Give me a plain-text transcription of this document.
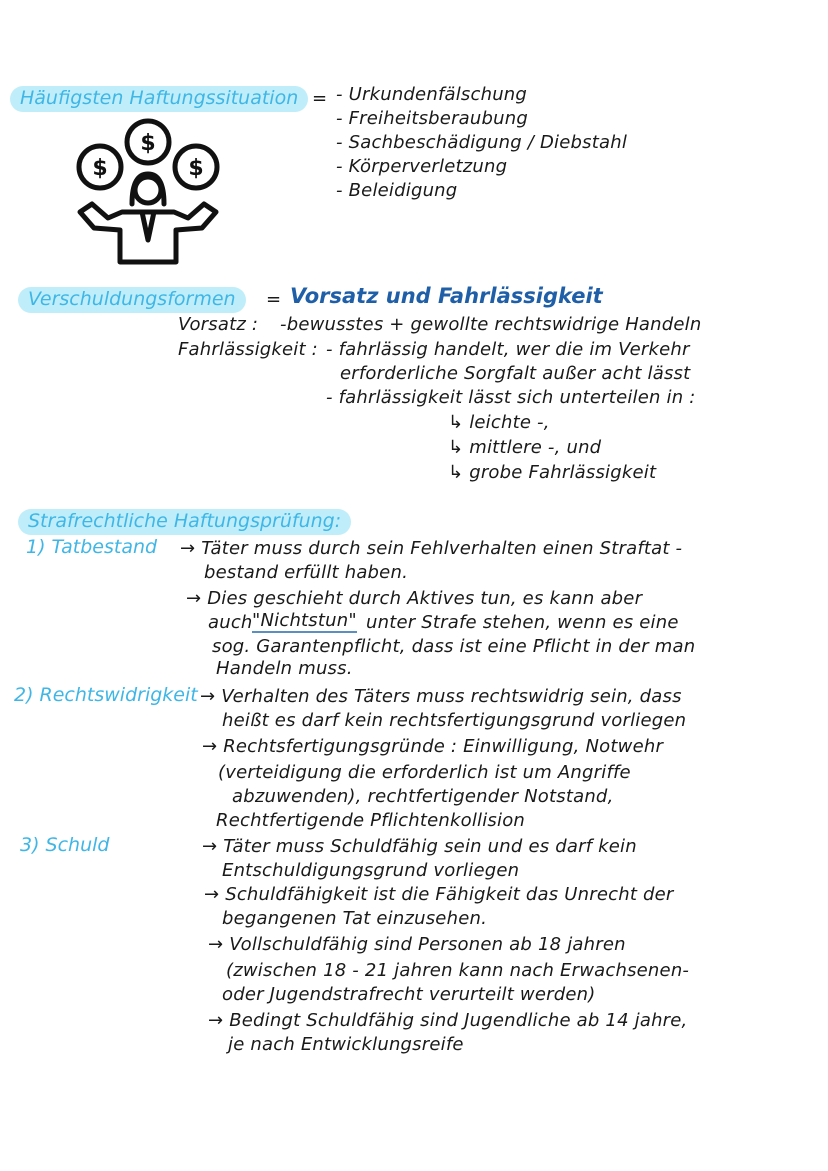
Häufigsten Haftungssituation = - Urkundenfälschung
- Freiheitsberaubung
- Sachbeschädigung / Diebstahl
- Körperverletzung
- Beleidigung
$
$	$
Verschuldungsformen	= Vorsatz und Fahrlässigkeit
Vorsatz : -bewusstes + gewollte rechtswidrige Handeln
Fahrlässigkeit : - fahrlässig handelt, wer die im Verkehr
erforderliche Sorgfalt außer acht lässt
- fahrlässigkeit lässt sich unterteilen in :
↳ leichte -,
↳ mittlere -, und
↳ grobe Fahrlässigkeit
Strafrechtliche Haftungsprüfung:
1) Tatbestand → Täter muss durch sein Fehlverhalten einen Straftat -
bestand erfüllt haben.
→ Dies geschieht durch Aktives tun, es kann aber
auch "Nichtstun" unter Strafe stehen, wenn es eine
sog. Garantenpflicht, dass ist eine Pflicht in der man
Handeln muss.
2) Rechtswidrigkeit → Verhalten des Täters muss rechtswidrig sein, dass
heißt es darf kein rechtsfertigungsgrund vorliegen
→ Rechtsfertigungsgründe : Einwilligung, Notwehr
(verteidigung die erforderlich ist um Angriffe
abzuwenden), rechtfertigender Notstand,
Rechtfertigende Pflichtenkollision
3) Schuld	→ Täter muss Schuldfähig sein und es darf kein
Entschuldigungsgrund vorliegen
→ Schuldfähigkeit ist die Fähigkeit das Unrecht der
begangenen Tat einzusehen.
→ Vollschuldfähig sind Personen ab 18 jahren
(zwischen 18 - 21 jahren kann nach Erwachsenen-
oder Jugendstrafrecht verurteilt werden)
→ Bedingt Schuldfähig sind Jugendliche ab 14 jahre,
je nach Entwicklungsreife
